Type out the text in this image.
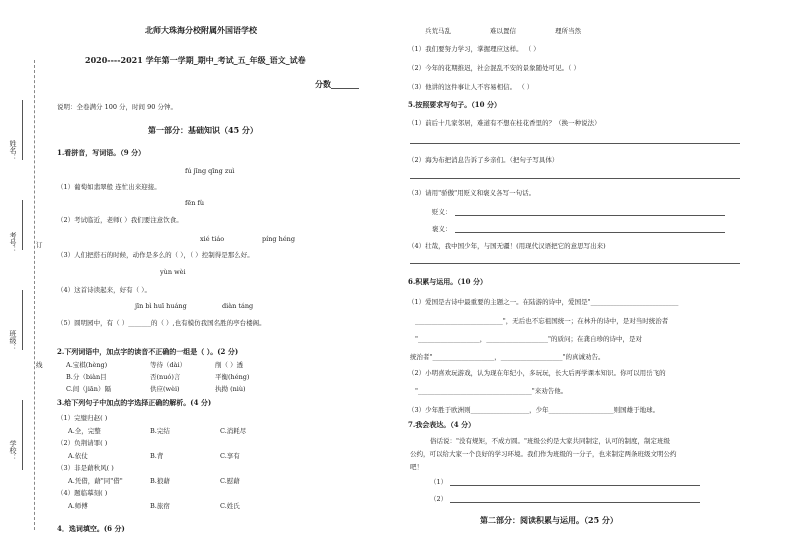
姓名：
考号：	订
班级：
线
学校：
北师大珠海分校附属外国语学校
2020----2021 学年第一学期_期中_考试_五_年级_语文_试卷
分数_______
说明：全卷满分 100 分，时间 90 分钟。
第一部分：基础知识（45 分）
1.看拼音，写词语。（9 分）
fú jīng qīng zuì
（1）葡萄如翡翠般 连忙出来迎接。
fēn fù
（2）考试临近，老师( ）我们要注意饮食。
xié tiáo	píng héng
（3）人们把搭石的时候，动作是多么的（ ），（ ）控制得是那么好。
yùn wèi
（4）这首诗读起来，好有（ ）。
jīn bì huī huáng	diàn táng
（5）圆明园中，有（ ）_______的（ ）,也有模仿我国名胜的亭台楼阁。
2.下列词语中，加点字的读音不正确的一组是（ ）。(2 分)
A.宝棋(hèng)	等待（dài）	削（ ）透
B.分（biàn目	否(nuó)言	平衡(héng)
C.间（jiān）隔	供应(wèi)	执拗 (niù)
3.给下列句子中加点的字选择正确的解析。(4 分)
（1）完璧归赵( )
A.全，完整	B.完结	C.消耗尽
（2）负荆请罪( )
A.依仗	B.背	C.享有
（3）非是藉秋风( )
A.凭借，藉"同"借"	B.狼藉	C.慰藉
（4）题临摹刻( )
A.师傅	B.旅宿	C.姓氏
4．选词填空。(6 分)
兵荒马乱	难以置信	理所当然
（1）我们要努力学习，掌握理应这样。 （ ）
（2）今年的花期推迟，社会混乱不安的景象随处可见。（ ）
（3）他讲的这件事让人不容易相信。 （ ）
5.按照要求写句子。（10 分）
（1）前后十几家邻居，难道有不想在桂花香里的？（换一种说法）
（2）海为布把消息告诉了乡亲们。（把句子写具体）
（3）请用"骄傲"用贬义和褒义各写一句话。
贬义：
褒义：
（4）壮哉，我中国少年，与国无疆！(用现代汉语把它的意思写出来)
6.积累与运用。（10 分）
（1）爱国是古诗中最重要的主题之一。在陆游的诗中，爱国是"___________________________
___________________________"，无后也不忘祖国统一；在林升的诗中，是对当时统治者
"___________________，___________________"的质问；在龚自珍的诗中，是对
统治者"___________________，___________________"的真诚劝告。
（2）小明喜欢玩游戏，认为现在年纪小，多玩玩，长大后再学课本知识。你可以用岳飞的
"___________________________________"来劝告他。
（3）少年胜于欧洲则__________________，少年____________________则国雄于地球。
7.我会表达。（4 分）
俗话说："没有规矩，不成方圆。"班级公约是大家共同制定，认可的制度，制定班级
公约，可以给大家一个良好的学习环境。我们作为班级的一分子，也来制定两条班级文明公约
吧！
（1）
（2）
第二部分：阅读积累与运用。（25 分）
